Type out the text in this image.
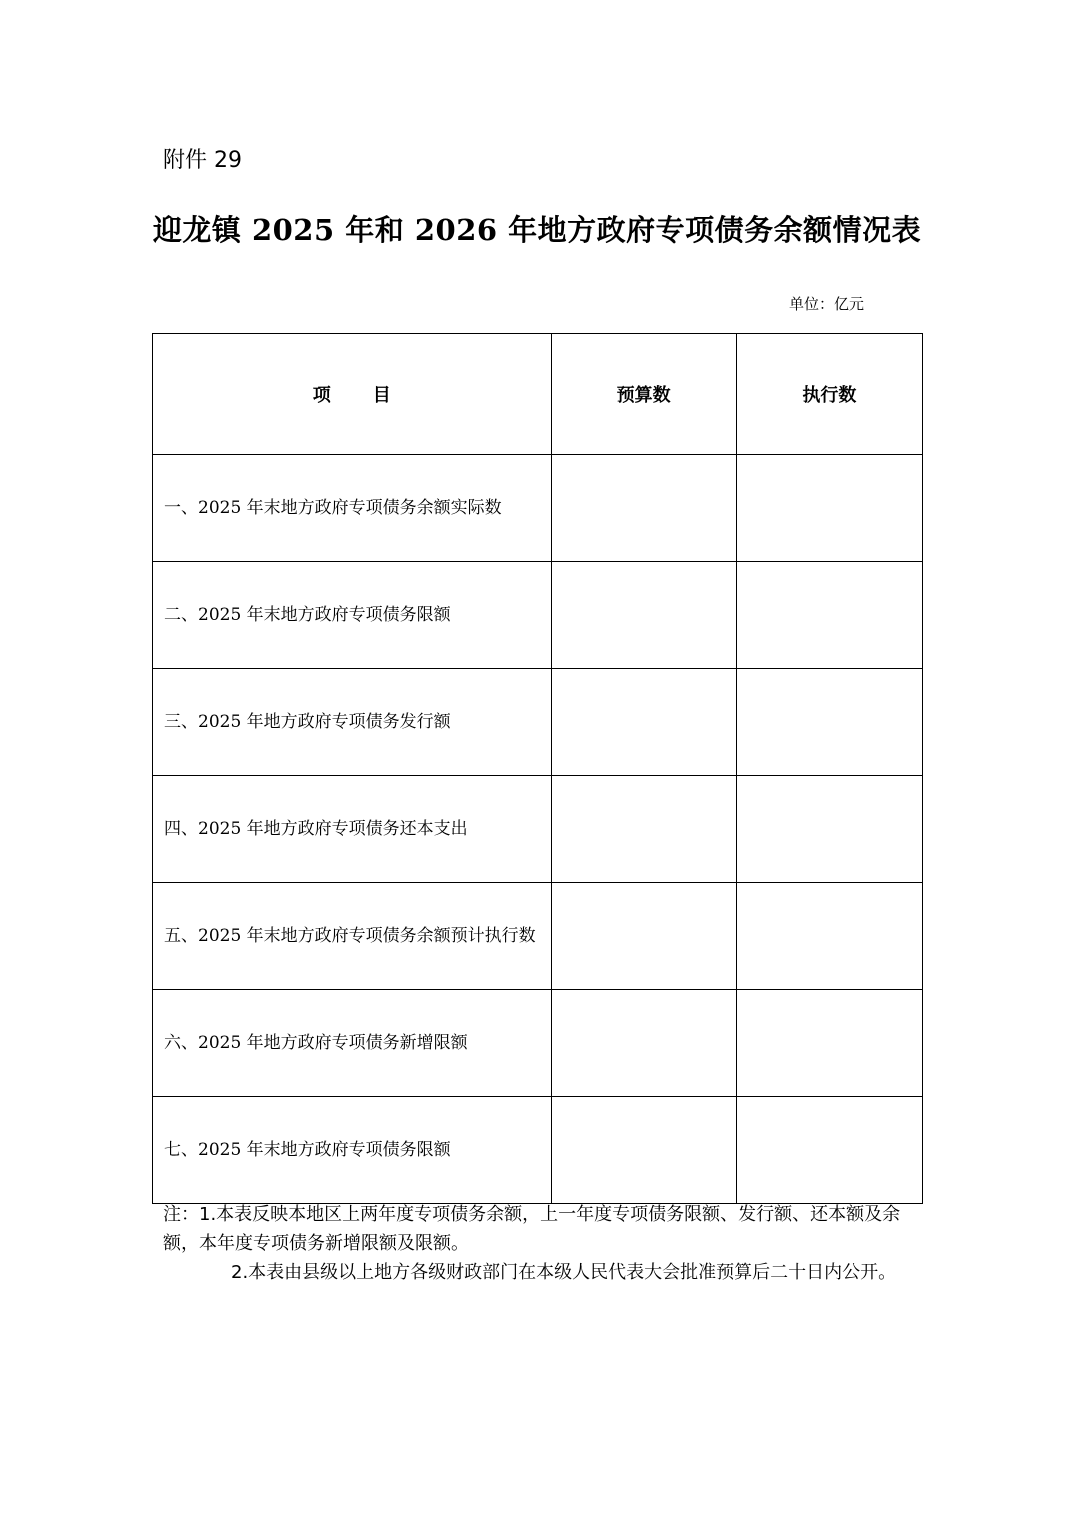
附件 29
迎龙镇 2025 年和 2026 年地方政府专项债务余额情况表
单位：亿元
项 目	预算数	执行数
一、2025 年末地方政府专项债务余额实际数		
二、2025 年末地方政府专项债务限额		
三、2025 年地方政府专项债务发行额		
四、2025 年地方政府专项债务还本支出		
五、2025 年末地方政府专项债务余额预计执行数		
六、2025 年地方政府专项债务新增限额		
七、2025 年末地方政府专项债务限额		

注：1.本表反映本地区上两年度专项债务余额，上一年度专项债务限额、发行额、还本额及余额，本年度专项债务新增限额及限额。

2.本表由县级以上地方各级财政部门在本级人民代表大会批准预算后二十日内公开。
